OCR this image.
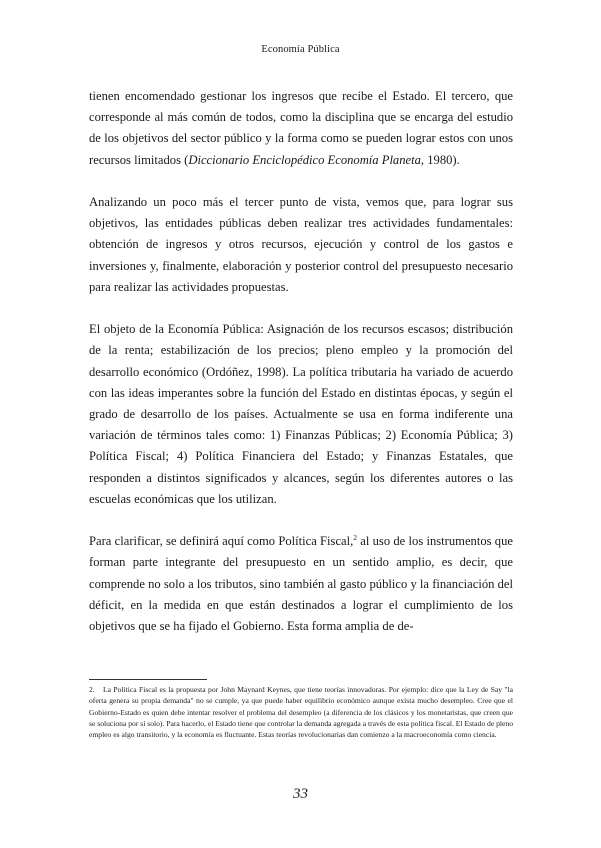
Economía Pública

tienen encomendado gestionar los ingresos que recibe el Estado. El tercero, que corresponde al más común de todos, como la disciplina que se encarga del estudio de los objetivos del sector público y la forma como se pueden lograr estos con unos recursos limitados (Diccionario Enciclopédico Economía Planeta, 1980).

Analizando un poco más el tercer punto de vista, vemos que, para lograr sus objetivos, las entidades públicas deben realizar tres actividades fundamentales: obtención de ingresos y otros recursos, ejecución y control de los gastos e inversiones y, finalmente, elaboración y posterior control del presupuesto necesario para realizar las actividades propuestas.

El objeto de la Economía Pública: Asignación de los recursos escasos; distribución de la renta; estabilización de los precios; pleno empleo y la promoción del desarrollo económico (Ordóñez, 1998). La política tributaria ha variado de acuerdo con las ideas imperantes sobre la función del Estado en distintas épocas, y según el grado de desarrollo de los países. Actualmente se usa en forma indiferente una variación de términos tales como: 1) Finanzas Públicas; 2) Economía Pública; 3) Política Fiscal; 4) Política Financiera del Estado; y Finanzas Estatales, que responden a distintos significados y alcances, según los diferentes autores o las escuelas económicas que los utilizan.

Para clarificar, se definirá aquí como Política Fiscal,$^2$ al uso de los instrumentos que forman parte integrante del presupuesto en un sentido amplio, es decir, que comprende no solo a los tributos, sino también al gasto público y la financiación del déficit, en la medida en que están destinados a lograr el cumplimiento de los objetivos que se ha fijado el Gobierno. Esta forma amplia de de-

2. La Política Fiscal es la propuesta por John Maynard Keynes, que tiene teorías innovadoras. Por ejemplo: dice que la Ley de Say "la oferta genera su propia demanda" no se cumple, ya que puede haber equilibrio económico aunque exista mucho desempleo. Cree que el Gobierno-Estado es quien debe intentar resolver el problema del desempleo (a diferencia de los clásicos y los monetaristas, que creen que se soluciona por sí solo). Para hacerlo, el Estado tiene que controlar la demanda agregada a través de esta política fiscal. El Estado de pleno empleo es algo transitorio, y la economía es fluctuante. Estas teorías revolucionarias dan comienzo a la macroeconomía como ciencia.
33
